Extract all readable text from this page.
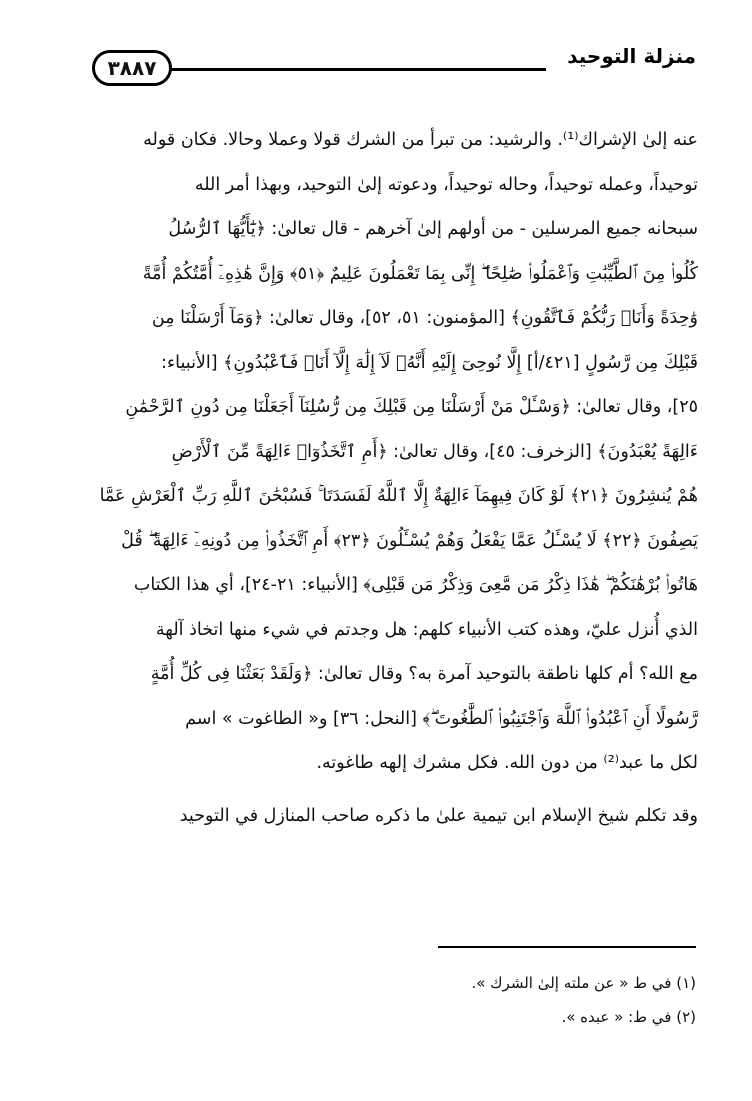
منزلة التوحيد
٣٨٨٧
عنه إلىٰ الإشراك⁽¹⁾. والرشيد: من تبرأ من الشرك قولا وعملا وحالا. فكان قوله
توحيداً، وعمله توحيداً، وحاله توحيداً، ودعوته إلىٰ التوحيد، وبهذا أمر الله
سبحانه جميع المرسلين - من أولهم إلىٰ آخرهم - قال تعالىٰ: ﴿يَٰٓأَيُّهَا ٱلرُّسُلُ
كُلُوا۟ مِنَ ٱلطَّيِّبَٰتِ وَٱعْمَلُوا۟ صَٰلِحًا ۖ إِنِّى بِمَا تَعْمَلُونَ عَلِيمٌ ﴿٥١﴾ وَإِنَّ هَٰذِهِۦٓ أُمَّتُكُمْ أُمَّةً
وَٰحِدَةً وَأَنَا۠ رَبُّكُمْ فَٱتَّقُونِ﴾ [المؤمنون: ٥١، ٥٢]، وقال تعالىٰ: ﴿وَمَآ أَرْسَلْنَا مِن
قَبْلِكَ مِن رَّسُولٍ [٤٢١/أ] إِلَّا نُوحِىٓ إِلَيْهِ أَنَّهُۥ لَآ إِلَٰهَ إِلَّآ أَنَا۠ فَٱعْبُدُونِ﴾ [الأنبياء:
٢٥]، وقال تعالىٰ: ﴿وَسْـَٔلْ مَنْ أَرْسَلْنَا مِن قَبْلِكَ مِن رُّسُلِنَآ أَجَعَلْنَا مِن دُونِ ٱلرَّحْمَٰنِ
ءَالِهَةً يُعْبَدُونَ﴾ [الزخرف: ٤٥]، وقال تعالىٰ: ﴿أَمِ ٱتَّخَذُوٓا۟ ءَالِهَةً مِّنَ ٱلْأَرْضِ
هُمْ يُنشِرُونَ ﴿٢١﴾ لَوْ كَانَ فِيهِمَآ ءَالِهَةٌ إِلَّا ٱللَّهُ لَفَسَدَتَا ۚ فَسُبْحَٰنَ ٱللَّهِ رَبِّ ٱلْعَرْشِ عَمَّا
يَصِفُونَ ﴿٢٢﴾ لَا يُسْـَٔلُ عَمَّا يَفْعَلُ وَهُمْ يُسْـَٔلُونَ ﴿٢٣﴾ أَمِ ٱتَّخَذُوا۟ مِن دُونِهِۦٓ ءَالِهَةً ۖ قُلْ
هَاتُوا۟ بُرْهَٰنَكُمْ ۖ هَٰذَا ذِكْرُ مَن مَّعِىَ وَذِكْرُ مَن قَبْلِى﴾ [الأنبياء: ٢١-٢٤]، أي هذا الكتاب
الذي أُنزل عليّ، وهذه كتب الأنبياء كلهم: هل وجدتم في شيء منها اتخاذ آلهة
مع الله؟ أم كلها ناطقة بالتوحيد آمرة به؟ وقال تعالىٰ: ﴿وَلَقَدْ بَعَثْنَا فِى كُلِّ أُمَّةٍ
رَّسُولًا أَنِ ٱعْبُدُوا۟ ٱللَّهَ وَٱجْتَنِبُوا۟ ٱلطَّٰغُوتَ ۖ﴾ [النحل: ٣٦] و« الطاغوت » اسم
لكل ما عبد⁽²⁾ من دون الله. فكل مشرك إلهه طاغوته.
وقد تكلم شيخ الإسلام ابن تيمية علىٰ ما ذكره صاحب المنازل في التوحيد
(١) في ط « عن ملته إلىٰ الشرك ».
(٢) في ط: « عبده ».
